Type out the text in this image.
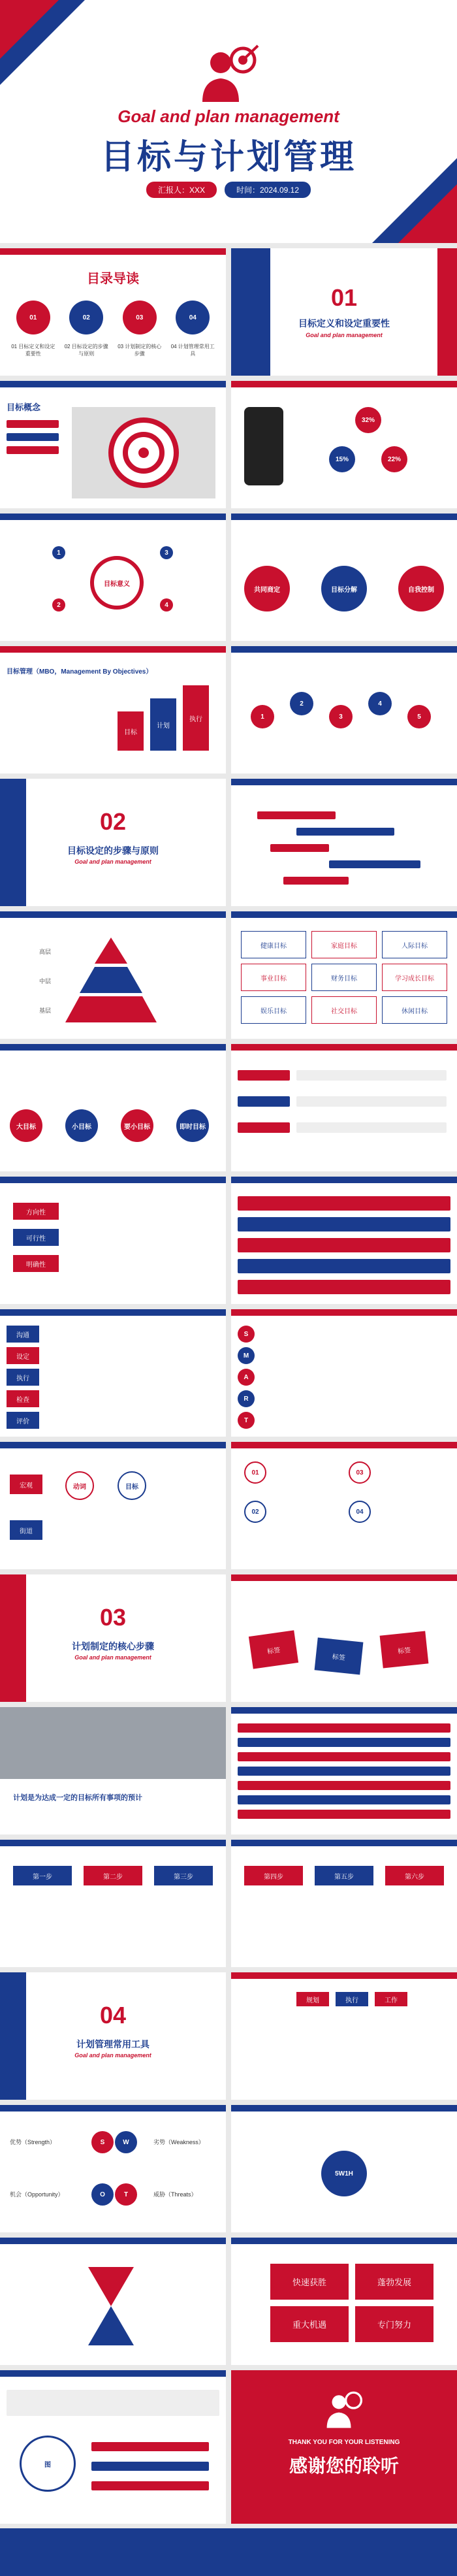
Goal and plan management
目标与计划管理
汇报人：XXX	时间：2024.09.12
目录导读
01	02	03	04
01 目标定义和设定重要性
02 目标设定的步骤与原则
03 计划制定的核心步骤
04 计划管理常用工具
01
目标定义和设定重要性
Goal and plan management
目标概念
32%
15%	22%
目标意义
1
2
3
4
共同商定	目标分解	自我控制
目标管理（MBO，Management By Objectives）
目标
计划
执行	1
2
3
4
5
02
目标设定的步骤与原则
Goal and plan management
高层
中层
基层
健康目标	家庭目标	人际目标
事业目标	财务目标	学习成长目标
娱乐目标	社交目标	休闲目标
大目标	小目标	要小目标	即时目标
方向性
可行性
明确性
沟通
设定
执行
检查
评价
S
M
A
R
T
宏观	动词	目标
街道
01
02
03
04
03
计划制定的核心步骤
Goal and plan management
标签
标签
标签
计划是为达成一定的目标所有事项的预计
第一步	第二步	第三步	第四步	第五步	第六步
04
计划管理常用工具
Goal and plan management
规划	执行	工作
优势（Strength）	劣势（Weakness）
机会（Opportunity）	威胁（Threats）
S	W
O	T
5W1H
快速获胜	蓬勃发展
重大机遇	专门努力
图
THANK YOU FOR YOUR LISTENING
感谢您的聆听
